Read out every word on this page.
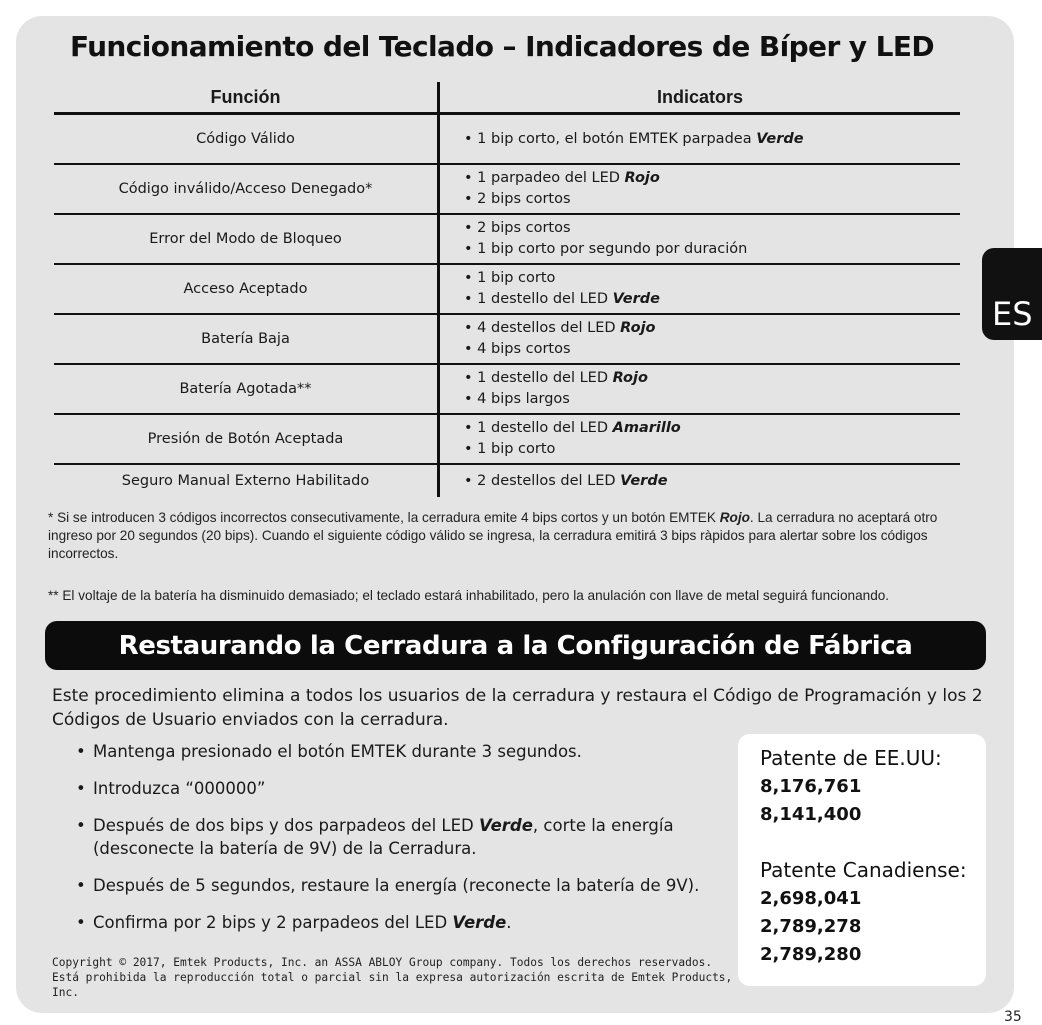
Funcionamiento del Teclado – Indicadores de Bíper y LED
Función	Indicators
Código Válido	• 1 bip corto, el botón EMTEK parpadea Verde

Código inválido/Acceso Denegado*	• 1 parpadeo del LED Rojo
• 2 bips cortos

Error del Modo de Bloqueo	• 2 bips cortos
• 1 bip corto por segundo por duración

Acceso Aceptado	• 1 bip corto
• 1 destello del LED Verde

Batería Baja	• 4 destellos del LED Rojo
• 4 bips cortos

Batería Agotada**	• 1 destello del LED Rojo
• 4 bips largos

Presión de Botón Aceptada	• 1 destello del LED Amarillo
• 1 bip corto

Seguro Manual Externo Habilitado	• 2 destellos del LED Verde

* Si se introducen 3 códigos incorrectos consecutivamente, la cerradura emite 4 bips cortos y un botón EMTEK Rojo. La cerradura no aceptará otro ingreso por 20 segundos (20 bips). Cuando el siguiente código válido se ingresa, la cerradura emitirá 3 bips ràpidos para alertar sobre los códigos incorrectos.

** El voltaje de la batería ha disminuido demasiado; el teclado estará inhabilitado, pero la anulación con llave de metal seguirá funcionando.

Restaurando la Cerradura a la Configuración de Fábrica
Este procedimiento elimina a todos los usuarios de la cerradura y restaura el Código de Programación y los 2 Códigos de Usuario enviados con la cerradura.
• Mantenga presionado el botón EMTEK durante 3 segundos.
• Introduzca “000000”
• Después de dos bips y dos parpadeos del LED Verde, corte la energía (desconecte la batería de 9V) de la Cerradura.
• Después de 5 segundos, restaure la energía (reconecte la batería de 9V).
• Confirma por 2 bips y 2 parpadeos del LED Verde.
Patente de EE.UU:
8,176,761
8,141,400
Patente Canadiense:
2,698,041
2,789,278
2,789,280
Copyright © 2017, Emtek Products, Inc. an ASSA ABLOY Group company. Todos los derechos reservados.
Está prohibida la reproducción total o parcial sin la expresa autorización escrita de Emtek Products, Inc.
ES
35
